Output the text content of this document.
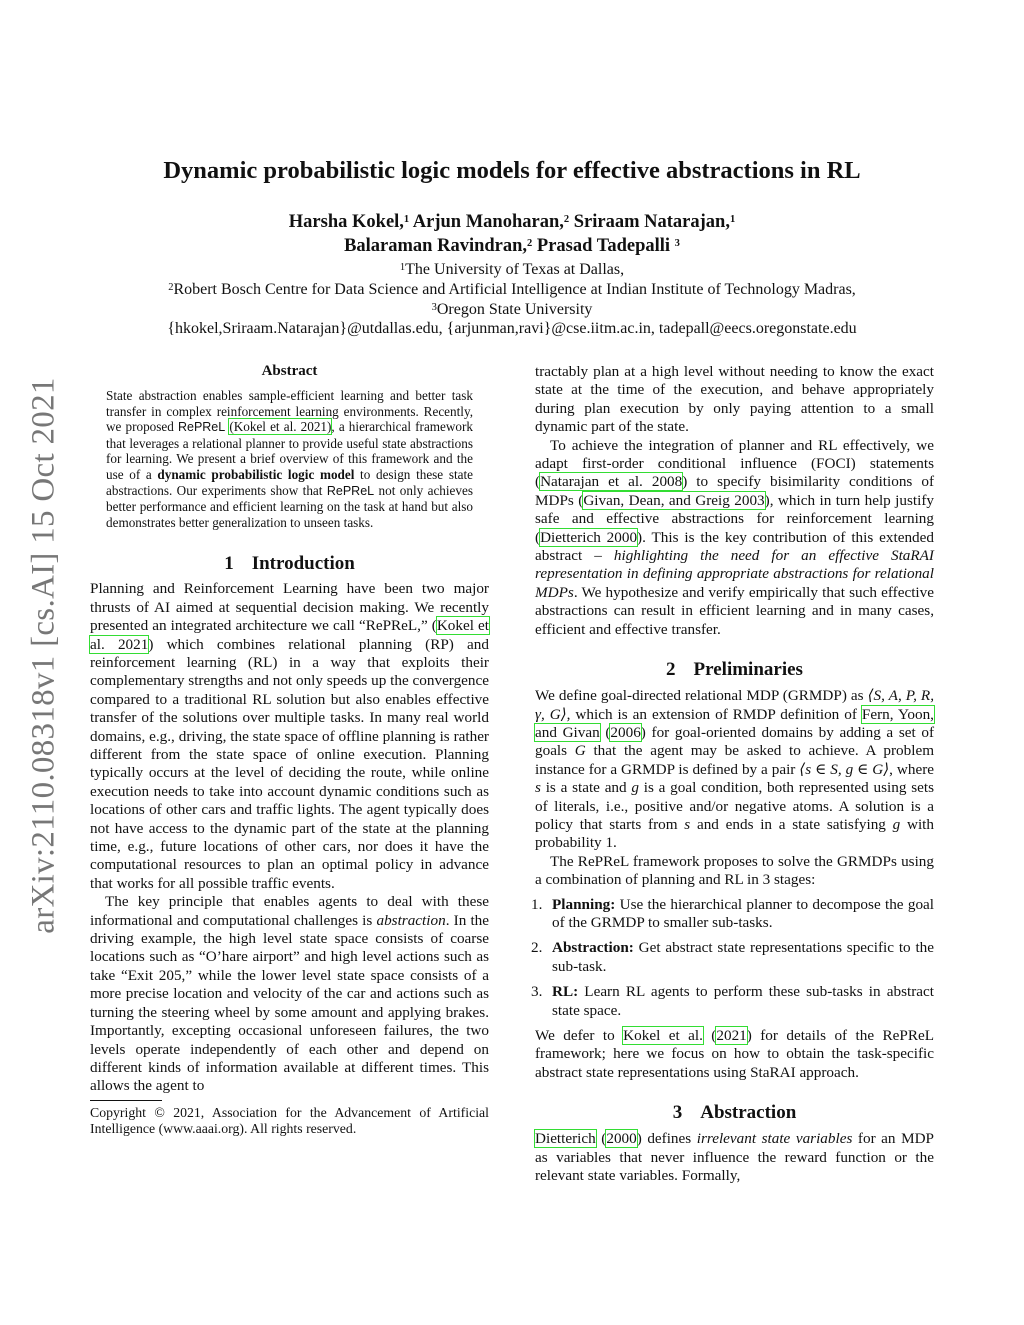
arXiv:2110.08318v1 [cs.AI] 15 Oct 2021
Dynamic probabilistic logic models for effective abstractions in RL
Harsha Kokel,$^1$ Arjun Manoharan,$^2$ Sriraam Natarajan,$^1$
Balaraman Ravindran,$^2$ Prasad Tadepalli $^3$
$^1$The University of Texas at Dallas,
$^2$Robert Bosch Centre for Data Science and Artificial Intelligence at Indian Institute of Technology Madras,
$^3$Oregon State University
{hkokel,Sriraam.Natarajan}@utdallas.edu, {arjunman,ravi}@cse.iitm.ac.in, tadepall@eecs.oregonstate.edu
Abstract
State abstraction enables sample-efficient learning and better task transfer in complex reinforcement learning environments. Recently, we proposed RePReL (Kokel et al. 2021), a hierarchical framework that leverages a relational planner to provide useful state abstractions for learning. We present a brief overview of this framework and the use of a dynamic probabilistic logic model to design these state abstractions. Our experiments show that RePReL not only achieves better performance and efficient learning on the task at hand but also demonstrates better generalization to unseen tasks.
1 Introduction

Planning and Reinforcement Learning have been two major thrusts of AI aimed at sequential decision making. We recently presented an integrated architecture we call “RePReL,” (Kokel et al. 2021) which combines relational planning (RP) and reinforcement learning (RL) in a way that exploits their complementary strengths and not only speeds up the convergence compared to a traditional RL solution but also enables effective transfer of the solutions over multiple tasks. In many real world domains, e.g., driving, the state space of offline planning is rather different from the state space of online execution. Planning typically occurs at the level of deciding the route, while online execution needs to take into account dynamic conditions such as locations of other cars and traffic lights. The agent typically does not have access to the dynamic part of the state at the planning time, e.g., future locations of other cars, nor does it have the computational resources to plan an optimal policy in advance that works for all possible traffic events.

The key principle that enables agents to deal with these informational and computational challenges is abstraction. In the driving example, the high level state space consists of coarse locations such as “O’hare airport” and high level actions such as take “Exit 205,” while the lower level state space consists of a more precise location and velocity of the car and actions such as turning the steering wheel by some amount and applying brakes. Importantly, excepting occasional unforeseen failures, the two levels operate independently of each other and depend on different kinds of information available at different times. This allows the agent to

Copyright © 2021, Association for the Advancement of Artificial Intelligence (www.aaai.org). All rights reserved.

tractably plan at a high level without needing to know the exact state at the time of the execution, and behave appropriately during plan execution by only paying attention to a small dynamic part of the state.

To achieve the integration of planner and RL effectively, we adapt first-order conditional influence (FOCI) statements (Natarajan et al. 2008) to specify bisimilarity conditions of MDPs (Givan, Dean, and Greig 2003), which in turn help justify safe and effective abstractions for reinforcement learning (Dietterich 2000). This is the key contribution of this extended abstract – highlighting the need for an effective StaRAI representation in defining appropriate abstractions for relational MDPs. We hypothesize and verify empirically that such effective abstractions can result in efficient learning and in many cases, efficient and effective transfer.

2 Preliminaries

We define goal-directed relational MDP (GRMDP) as ⟨S, A, P, R, γ, G⟩, which is an extension of RMDP definition of Fern, Yoon, and Givan (2006) for goal-oriented domains by adding a set of goals G that the agent may be asked to achieve. A problem instance for a GRMDP is defined by a pair ⟨s ∈ S, g ∈ G⟩, where s is a state and g is a goal condition, both represented using sets of literals, i.e., positive and/or negative atoms. A solution is a policy that starts from s and ends in a state satisfying g with probability 1.

The RePReL framework proposes to solve the GRMDPs using a combination of planning and RL in 3 stages:

1. Planning: Use the hierarchical planner to decompose the goal of the GRMDP to smaller sub-tasks.
2. Abstraction: Get abstract state representations specific to the sub-task.
3. RL: Learn RL agents to perform these sub-tasks in abstract state space.

We defer to Kokel et al. (2021) for details of the RePReL framework; here we focus on how to obtain the task-specific abstract state representations using StaRAI approach.

3 Abstraction

Dietterich (2000) defines irrelevant state variables for an MDP as variables that never influence the reward function or the relevant state variables. Formally,
